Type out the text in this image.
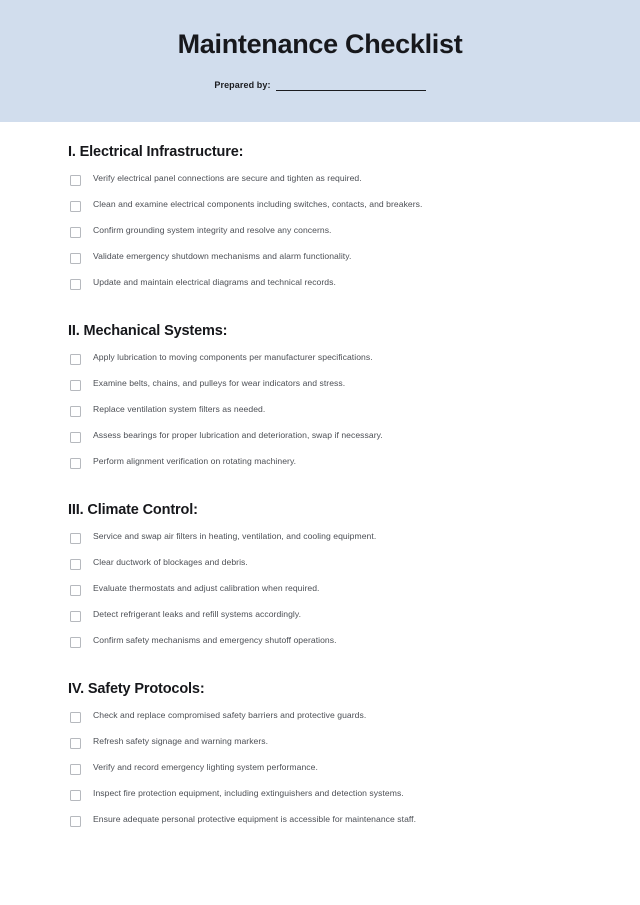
Maintenance Checklist
Prepared by:
I. Electrical Infrastructure:
Verify electrical panel connections are secure and tighten as required.
Clean and examine electrical components including switches, contacts, and breakers.
Confirm grounding system integrity and resolve any concerns.
Validate emergency shutdown mechanisms and alarm functionality.
Update and maintain electrical diagrams and technical records.
II. Mechanical Systems:
Apply lubrication to moving components per manufacturer specifications.
Examine belts, chains, and pulleys for wear indicators and stress.
Replace ventilation system filters as needed.
Assess bearings for proper lubrication and deterioration, swap if necessary.
Perform alignment verification on rotating machinery.
III. Climate Control:
Service and swap air filters in heating, ventilation, and cooling equipment.
Clear ductwork of blockages and debris.
Evaluate thermostats and adjust calibration when required.
Detect refrigerant leaks and refill systems accordingly.
Confirm safety mechanisms and emergency shutoff operations.
IV. Safety Protocols:
Check and replace compromised safety barriers and protective guards.
Refresh safety signage and warning markers.
Verify and record emergency lighting system performance.
Inspect fire protection equipment, including extinguishers and detection systems.
Ensure adequate personal protective equipment is accessible for maintenance staff.
